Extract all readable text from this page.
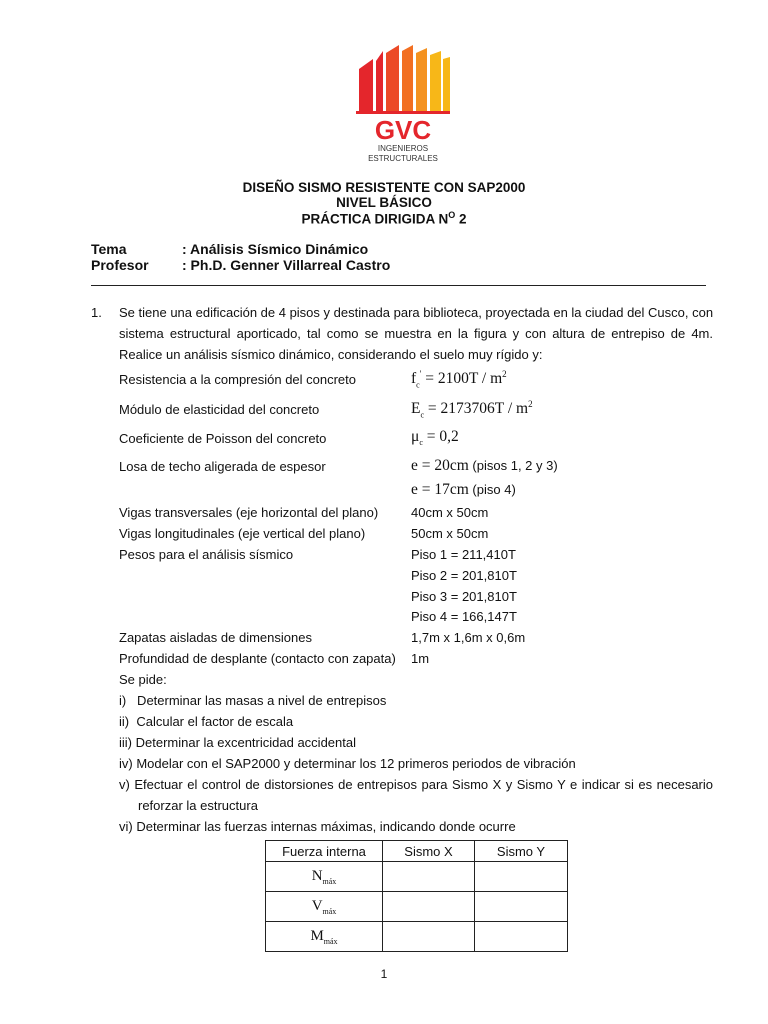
GVC
INGENIEROS
ESTRUCTURALES
DISEÑO SISMO RESISTENTE CON SAP2000
NIVEL BÁSICO
PRÁCTICA DIRIGIDA $N^O$ 2
Tema	: Análisis Sísmico Dinámico
Profesor : Ph.D. Genner Villarreal Castro
1. Se tiene una edificación de 4 pisos y destinada para biblioteca, proyectada en la ciudad del Cusco, con
sistema estructural aporticado, tal como se muestra en la figura y con altura de entrepiso de 4m.
Realice un análisis sísmico dinámico, considerando el suelo muy rígido y:
Resistencia a la compresión del concreto	$f_c' = 2100T / m^2$
Módulo de elasticidad del concreto	$E_c = 2173706T / m^2$
Coeficiente de Poisson del concreto	$\mu_c = 0,2$
Losa de techo aligerada de espesor	e = 20cm (pisos 1, 2 y 3)
e = 17cm (piso 4)
Vigas transversales (eje horizontal del plano)	40cm x 50cm
Vigas longitudinales (eje vertical del plano)	50cm x 50cm
Pesos para el análisis sísmico	Piso 1 = 211,410T
Piso 2 = 201,810T
Piso 3 = 201,810T
Piso 4 = 166,147T
Zapatas aisladas de dimensiones	1,7m x 1,6m x 0,6m
Profundidad de desplante (contacto con zapata) 1m
Se pide:
i)   Determinar las masas a nivel de entrepisos
ii)  Calcular el factor de escala
iii) Determinar la excentricidad accidental
iv) Modelar con el SAP2000 y determinar los 12 primeros periodos de vibración
v) Efectuar el control de distorsiones de entrepisos para Sismo X y Sismo Y e indicar si es necesario
reforzar la estructura
vi) Determinar las fuerzas internas máximas, indicando donde ocurre
Fuerza interna	Sismo X	Sismo Y
$N_{máx}$		
$V_{máx}$		
$M_{máx}$		
1
